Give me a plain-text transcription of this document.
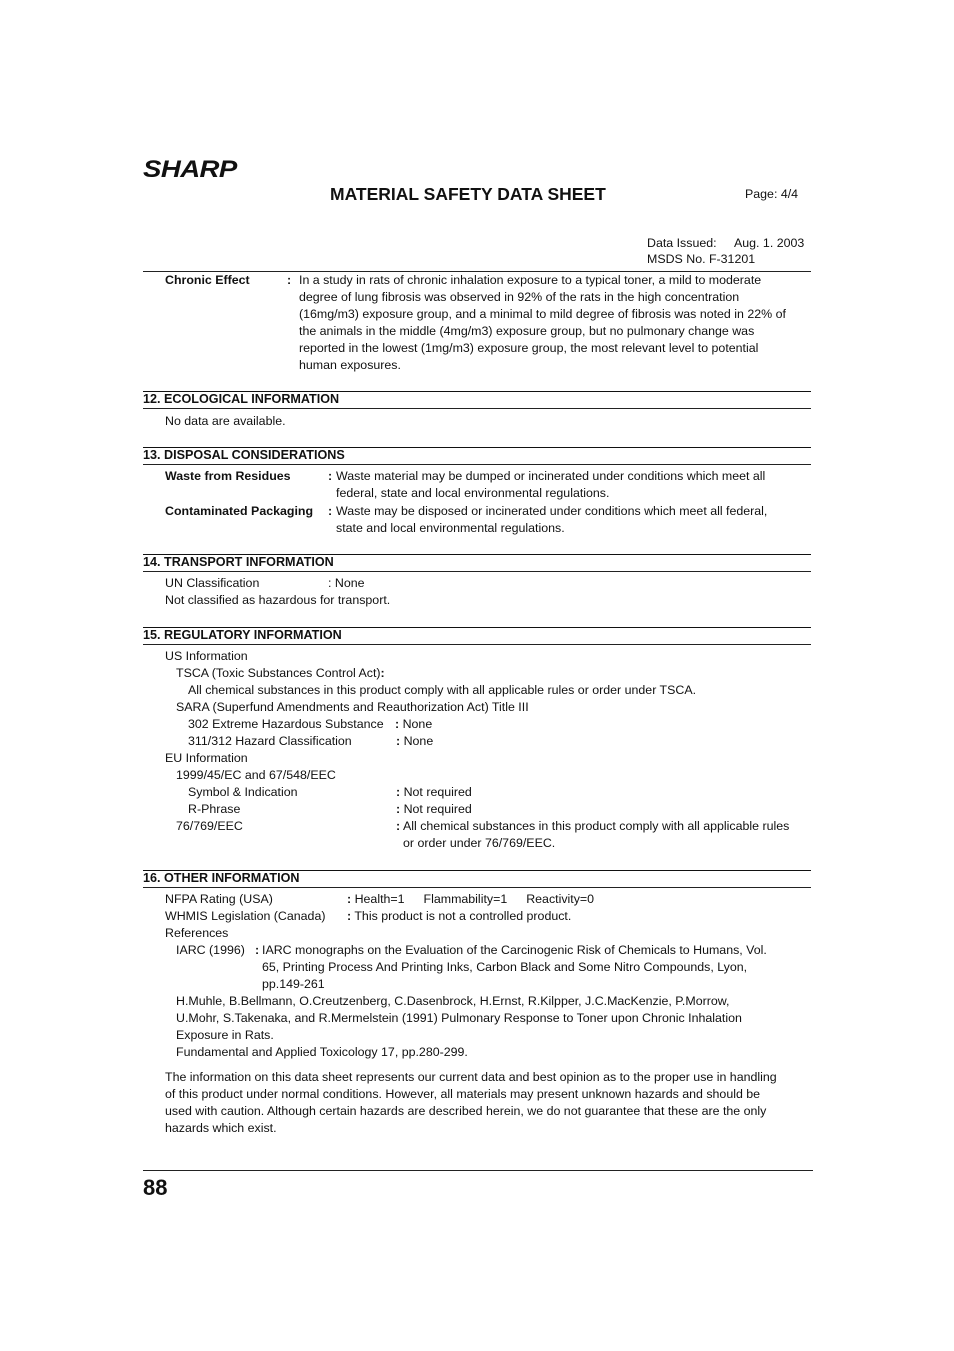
SHARP
MATERIAL SAFETY DATA SHEET	Page: 4/4
Data Issued: Aug. 1. 2003
MSDS No. F-31201
Chronic Effect	: In a study in rats of chronic inhalation exposure to a typical toner, a mild to moderate
degree of lung fibrosis was observed in 92% of the rats in the high concentration
(16mg/m3) exposure group, and a minimal to mild degree of fibrosis was noted in 22% of
the animals in the middle (4mg/m3) exposure group, but no pulmonary change was
reported in the lowest (1mg/m3) exposure group, the most relevant level to potential
human exposures.
12. ECOLOGICAL INFORMATION
No data are available.
13. DISPOSAL CONSIDERATIONS
Waste from Residues	: Waste material may be dumped or incinerated under conditions which meet all
federal, state and local environmental regulations.
Contaminated Packaging : Waste may be disposed or incinerated under conditions which meet all federal,
state and local environmental regulations.
14. TRANSPORT INFORMATION
UN Classification	: None
Not classified as hazardous for transport.
15. REGULATORY INFORMATION
US Information
TSCA (Toxic Substances Control Act):
All chemical substances in this product comply with all applicable rules or order under TSCA.
SARA (Superfund Amendments and Reauthorization Act) Title III
302 Extreme Hazardous Substance : None
311/312 Hazard Classification	: None
EU Information
1999/45/EC and 67/548/EEC
Symbol & Indication	: Not required
R-Phrase	: Not required
76/769/EEC	: All chemical substances in this product comply with all applicable rules
or order under 76/769/EEC.
16. OTHER INFORMATION
NFPA Rating (USA)	: Health=1 Flammability=1 Reactivity=0
WHMIS Legislation (Canada) : This product is not a controlled product.
References
IARC (1996) : IARC monographs on the Evaluation of the Carcinogenic Risk of Chemicals to Humans, Vol.
65, Printing Process And Printing Inks, Carbon Black and Some Nitro Compounds, Lyon,
pp.149-261
H.Muhle, B.Bellmann, O.Creutzenberg, C.Dasenbrock, H.Ernst, R.Kilpper, J.C.MacKenzie, P.Morrow,
U.Mohr, S.Takenaka, and R.Mermelstein (1991) Pulmonary Response to Toner upon Chronic Inhalation
Exposure in Rats.
Fundamental and Applied Toxicology 17, pp.280-299.
The information on this data sheet represents our current data and best opinion as to the proper use in handling
of this product under normal conditions. However, all materials may present unknown hazards and should be
used with caution. Although certain hazards are described herein, we do not guarantee that these are the only
hazards which exist.
88
